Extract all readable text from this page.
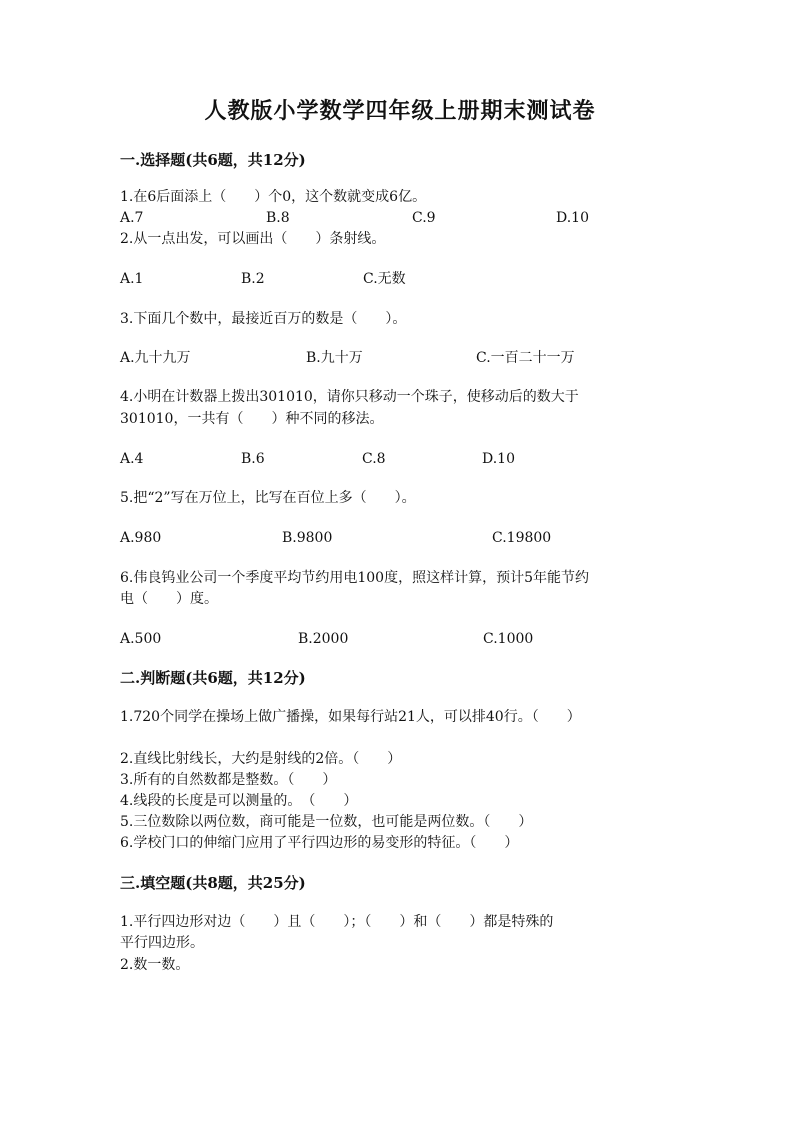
人教版小学数学四年级上册期末测试卷
一.选择题(共6题，共12分)
1.在6后面添上（　　）个0，这个数就变成6亿。
A.7	B.8	C.9	D.10
2.从一点出发，可以画出（　　）条射线。
A.1	B.2	C.无数
3.下面几个数中，最接近百万的数是（　　）。
A.九十九万	B.九十万	C.一百二十一万
4.小明在计数器上拨出301010，请你只移动一个珠子，使移动后的数大于
301010，一共有（　　）种不同的移法。
A.4	B.6	C.8	D.10
5.把“2”写在万位上，比写在百位上多（　　）。
A.980	B.9800	C.19800
6.伟良钨业公司一个季度平均节约用电100度，照这样计算，预计5年能节约
电（　　）度。
A.500	B.2000	C.1000
二.判断题(共6题，共12分)
1.720个同学在操场上做广播操，如果每行站21人，可以排40行。（　　）
2.直线比射线长，大约是射线的2倍。（　　）
3.所有的自然数都是整数。（　　）
4.线段的长度是可以测量的。　（　　）
5.三位数除以两位数，商可能是一位数，也可能是两位数。（　　）
6.学校门口的伸缩门应用了平行四边形的易变形的特征。（　　）
三.填空题(共8题，共25分)
1.平行四边形对边（　　）且（　　）；（　　）和（　　）都是特殊的
平行四边形。
2.数一数。
